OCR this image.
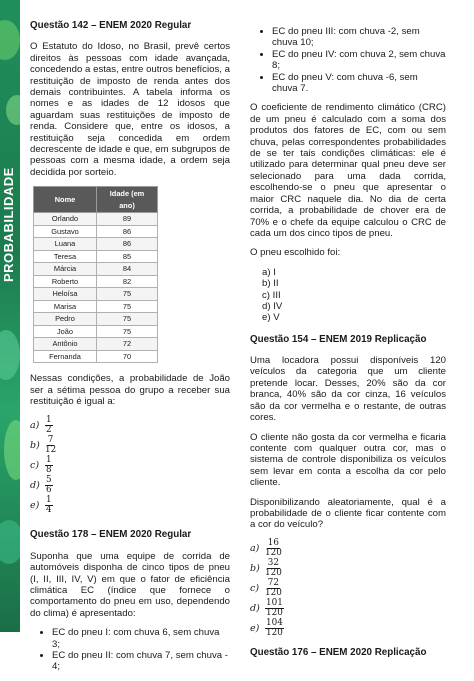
PROBABILIDADE
Questão 142 – ENEM 2020 Regular

O Estatuto do Idoso, no Brasil, prevê certos direitos às pessoas com idade avançada, concedendo a estas, entre outros benefícios, a restituição de imposto de renda antes dos demais contribuintes. A tabela informa os nomes e as idades de 12 idosos que aguardam suas restituições de imposto de renda. Considere que, entre os idosos, a restituição seja concedida em ordem decrescente de idade e que, em subgrupos de pessoas com a mesma idade, a ordem seja decidida por sorteio.

Nome	Idade (em ano)
Orlando	89
Gustavo	86
Luana	86
Teresa	85
Márcia	84
Roberto	82
Heloísa	75
Marisa	75
Pedro	75
João	75
Antônio	72
Fernanda	70

Nessas condições, a probabilidade de João ser a sétima pessoa do grupo a receber sua restituição é igual a:

$a) \frac{1}{2}$
$b) \frac{7}{12}$
$c) \frac{1}{8}$
$d) \frac{5}{6}$
$e) \frac{1}{4}$
Questão 178 – ENEM 2020 Regular

Suponha que uma equipe de corrida de automóveis disponha de cinco tipos de pneu (I, II, III, IV, V) em que o fator de eficiência climática EC (índice que fornece o comportamento do pneu em uso, dependendo do clima) é apresentado:

• EC do pneu I: com chuva 6, sem chuva 3;
• EC do pneu II: com chuva 7, sem chuva - 4;
• EC do pneu III: com chuva -2, sem chuva 10;
• EC do pneu IV: com chuva 2, sem chuva 8;
• EC do pneu V: com chuva -6, sem chuva 7.

O coeficiente de rendimento climático (CRC) de um pneu é calculado com a soma dos produtos dos fatores de EC, com ou sem chuva, pelas correspondentes probabilidades de se ter tais condições climáticas: ele é utilizado para determinar qual pneu deve ser selecionado para uma dada corrida, escolhendo-se o pneu que apresentar o maior CRC naquele dia. No dia de certa corrida, a probabilidade de chover era de 70% e o chefe da equipe calculou o CRC de cada um dos cinco tipos de pneu.

O pneu escolhido foi:

a) I
b) II
c) III
d) IV
e) V
Questão 154 – ENEM 2019 Replicação

Uma locadora possui disponíveis 120 veículos da categoria que um cliente pretende locar. Desses, 20% são da cor branca, 40% são da cor cinza, 16 veículos são da cor vermelha e o restante, de outras cores.

O cliente não gosta da cor vermelha e ficaria contente com qualquer outra cor, mas o sistema de controle disponibiliza os veículos sem levar em conta a escolha da cor pelo cliente.

Disponibilizando aleatoriamente, qual é a probabilidade de o cliente ficar contente com a cor do veículo?

$a) \frac{16}{120}$
$b) \frac{32}{120}$
$c) \frac{72}{120}$
$d) \frac{101}{120}$
$e) \frac{104}{120}$
Questão 176 – ENEM 2020 Replicação
